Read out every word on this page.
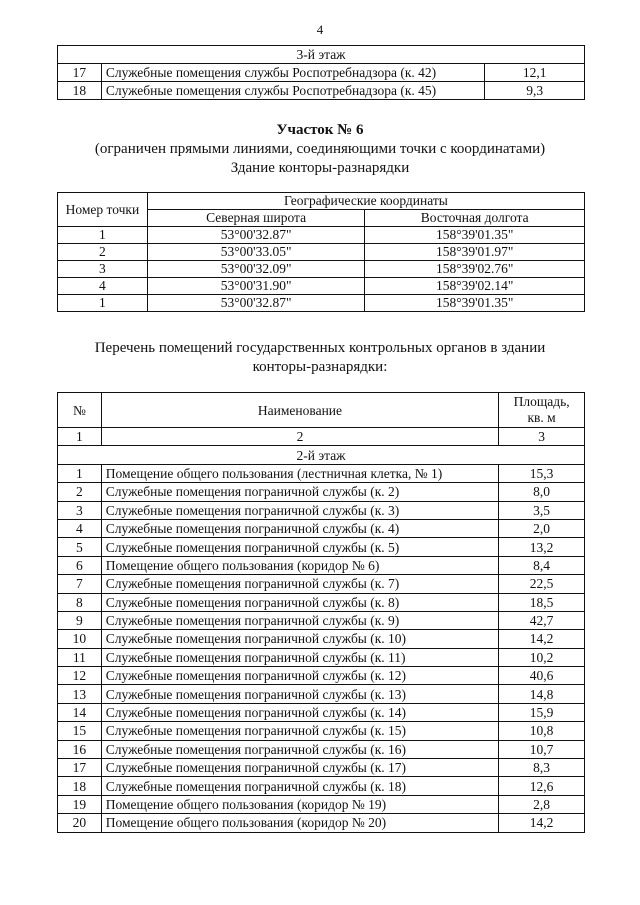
4
3-й этаж		
17	Служебные помещения службы Роспотребнадзора (к. 42)	12,1
18	Служебные помещения службы Роспотребнадзора (к. 45)	9,3
Участок № 6
(ограничен прямыми линиями, соединяющими точки с координатами)
Здание конторы-разнарядки
Номер точки	Географические координаты	
	Северная широта	Восточная долгота
1	53°00'32.87"	158°39'01.35"
2	53°00'33.05"	158°39'01.97"
3	53°00'32.09"	158°39'02.76"
4	53°00'31.90"	158°39'02.14"
1	53°00'32.87"	158°39'01.35"
Перечень помещений государственных контрольных органов в здании
конторы-разнарядки:
№	Наименование	Площадь,
кв. м

1	2	3
2-й этаж		
1	Помещение общего пользования (лестничная клетка, № 1)	15,3
2	Служебные помещения пограничной службы (к. 2)	8,0
3	Служебные помещения пограничной службы (к. 3)	3,5
4	Служебные помещения пограничной службы (к. 4)	2,0
5	Служебные помещения пограничной службы (к. 5)	13,2
6	Помещение общего пользования (коридор № 6)	8,4
7	Служебные помещения пограничной службы (к. 7)	22,5
8	Служебные помещения пограничной службы (к. 8)	18,5
9	Служебные помещения пограничной службы (к. 9)	42,7
10	Служебные помещения пограничной службы (к. 10)	14,2
11	Служебные помещения пограничной службы (к. 11)	10,2
12	Служебные помещения пограничной службы (к. 12)	40,6
13	Служебные помещения пограничной службы (к. 13)	14,8
14	Служебные помещения пограничной службы (к. 14)	15,9
15	Служебные помещения пограничной службы (к. 15)	10,8
16	Служебные помещения пограничной службы (к. 16)	10,7
17	Служебные помещения пограничной службы (к. 17)	8,3
18	Служебные помещения пограничной службы (к. 18)	12,6
19	Помещение общего пользования (коридор № 19)	2,8
20	Помещение общего пользования (коридор № 20)	14,2
